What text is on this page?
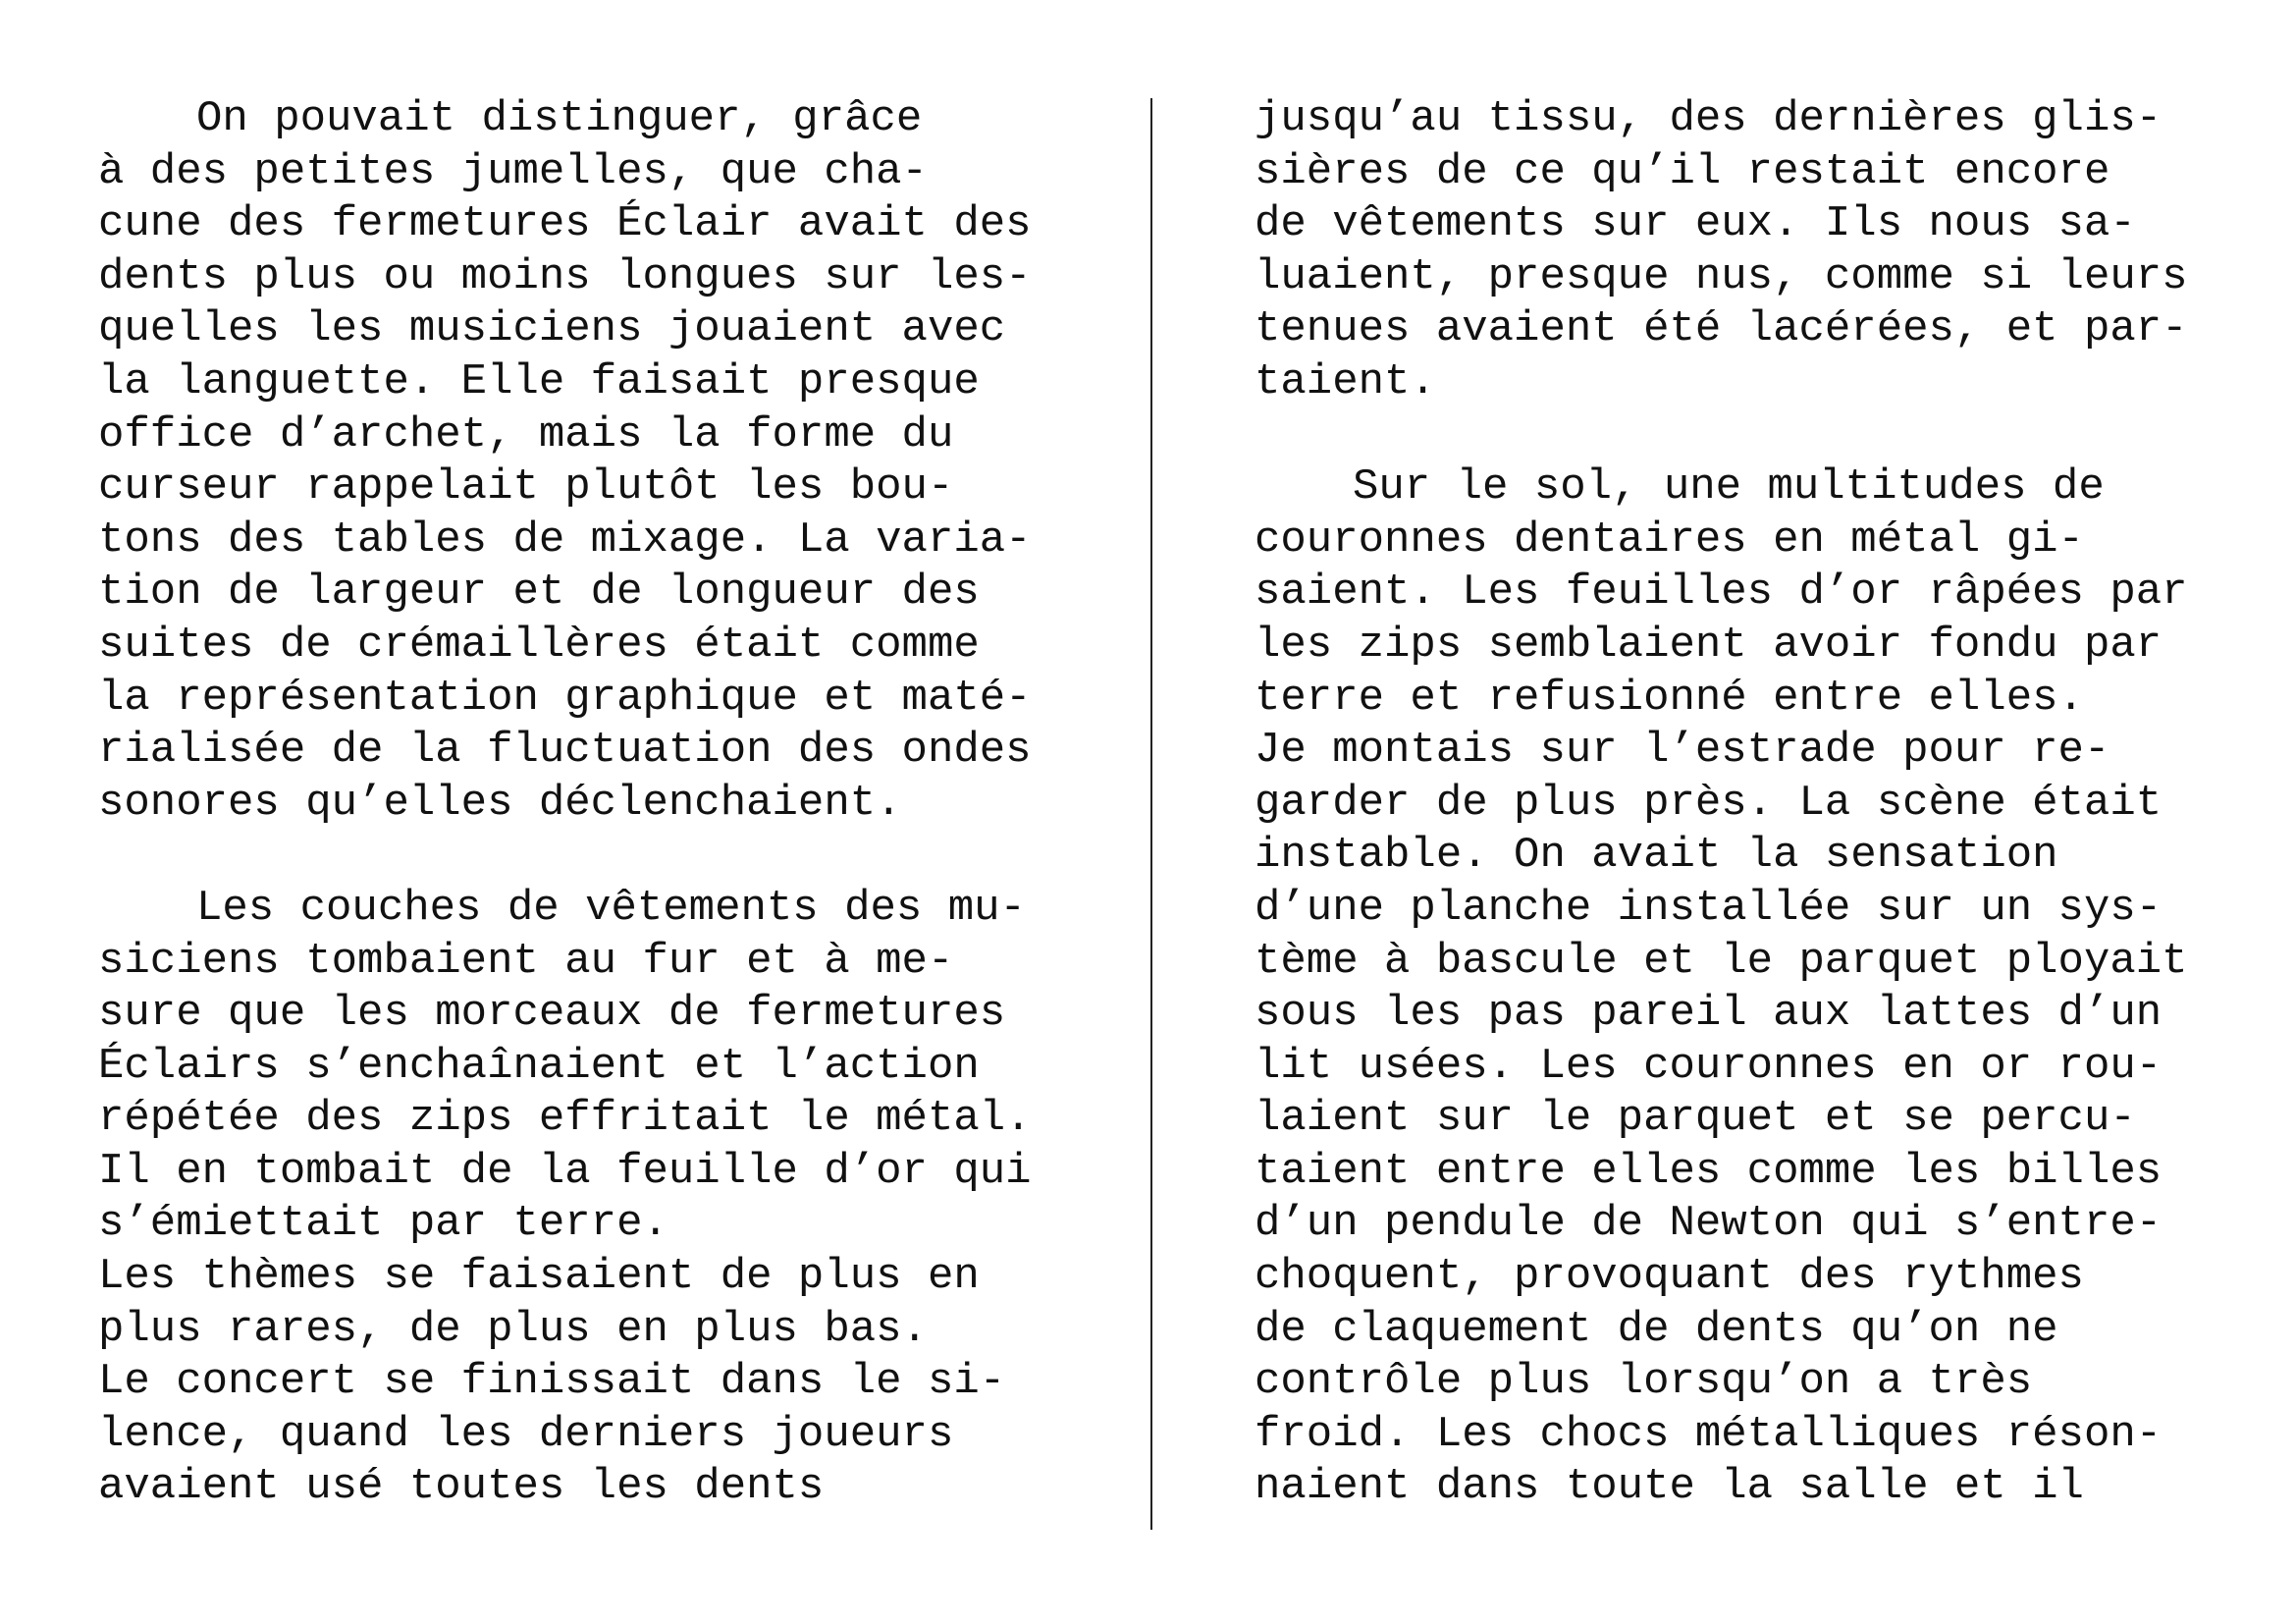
On pouvait distinguer, grâce
à des petites jumelles, que cha-
cune des fermetures Éclair avait des
dents plus ou moins longues sur les-
quelles les musiciens jouaient avec
la languette. Elle faisait presque
office d’archet, mais la forme du
curseur rappelait plutôt les bou-
tons des tables de mixage. La varia-
tion de largeur et de longueur des
suites de crémaillères était comme
la représentation graphique et maté-
rialisée de la fluctuation des ondes
sonores qu’elles déclenchaient.
Les couches de vêtements des mu-
siciens tombaient au fur et à me-
sure que les morceaux de fermetures
Éclairs s’enchaînaient et l’action
répétée des zips effritait le métal.
Il en tombait de la feuille d’or qui
s’émiettait par terre.
Les thèmes se faisaient de plus en
plus rares, de plus en plus bas.
Le concert se finissait dans le si-
lence, quand les derniers joueurs
avaient usé toutes les dents
jusqu’au tissu, des dernières glis-
sières de ce qu’il restait encore
de vêtements sur eux. Ils nous sa-
luaient, presque nus, comme si leurs
tenues avaient été lacérées, et par-
taient.
Sur le sol, une multitudes de
couronnes dentaires en métal gi-
saient. Les feuilles d’or râpées par
les zips semblaient avoir fondu par
terre et refusionné entre elles.
Je montais sur l’estrade pour re-
garder de plus près. La scène était
instable. On avait la sensation
d’une planche installée sur un sys-
tème à bascule et le parquet ployait
sous les pas pareil aux lattes d’un
lit usées. Les couronnes en or rou-
laient sur le parquet et se percu-
taient entre elles comme les billes
d’un pendule de Newton qui s’entre-
choquent, provoquant des rythmes
de claquement de dents qu’on ne
contrôle plus lorsqu’on a très
froid. Les chocs métalliques réson-
naient dans toute la salle et il
